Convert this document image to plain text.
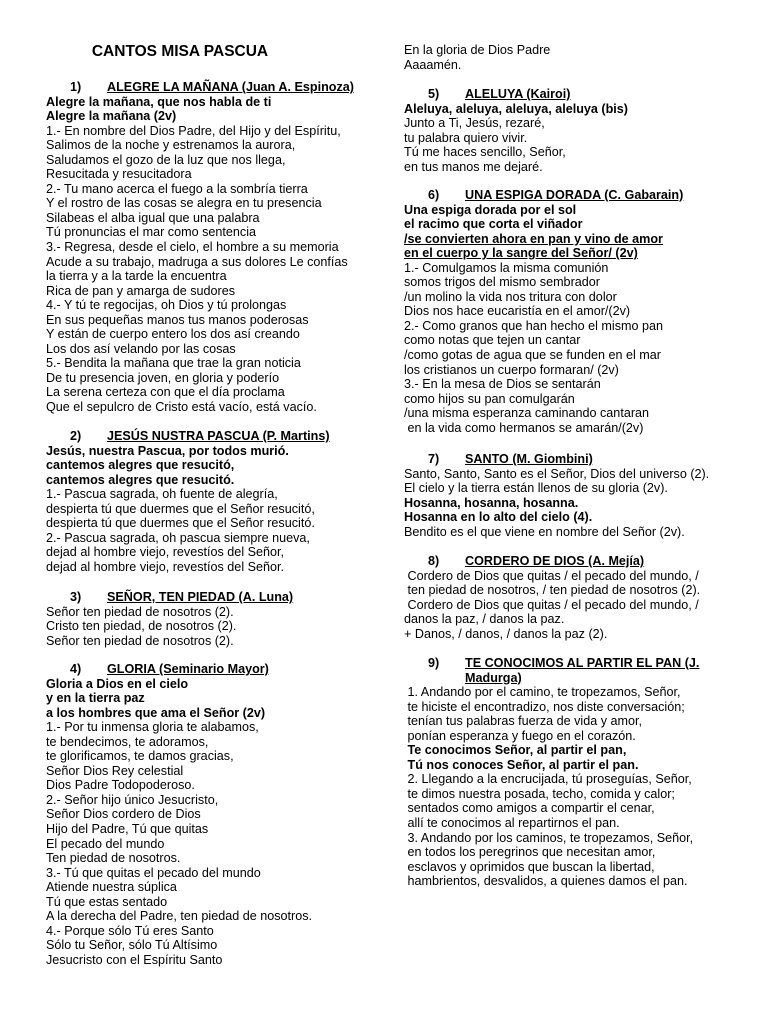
CANTOS MISA PASCUA
1) ALEGRE LA MAÑANA (Juan A. Espinoza)
Alegre la mañana, que nos habla de ti
Alegre la mañana (2v)
1.- En nombre del Dios Padre, del Hijo y del Espíritu,
Salimos de la noche y estrenamos la aurora,
Saludamos el gozo de la luz que nos llega,
Resucitada y resucitadora
2.- Tu mano acerca el fuego a la sombría tierra
Y el rostro de las cosas se alegra en tu presencia
Silabeas el alba igual que una palabra
Tú pronuncias el mar como sentencia
3.- Regresa, desde el cielo, el hombre a su memoria
Acude a su trabajo, madruga a sus dolores Le confías
la tierra y a la tarde la encuentra
Rica de pan y amarga de sudores
4.- Y tú te regocijas, oh Dios y tú prolongas
En sus pequeñas manos tus manos poderosas
Y están de cuerpo entero los dos así creando
Los dos así velando por las cosas
5.- Bendita la mañana que trae la gran noticia
De tu presencia joven, en gloria y poderío
La serena certeza con que el día proclama
Que el sepulcro de Cristo está vacío, está vacío.
2) JESÚS NUSTRA PASCUA (P. Martins)
Jesús, nuestra Pascua, por todos murió.
cantemos alegres que resucitó,
cantemos alegres que resucitó.
1.- Pascua sagrada, oh fuente de alegría,
despierta tú que duermes que el Señor resucitó,
despierta tú que duermes que el Señor resucitó.
2.- Pascua sagrada, oh pascua siempre nueva,
dejad al hombre viejo, revestíos del Señor,
dejad al hombre viejo, revestíos del Señor.
3) SEÑOR, TEN PIEDAD (A. Luna)
Señor ten piedad de nosotros (2).
Cristo ten piedad, de nosotros (2).
Señor ten piedad de nosotros (2).
4) GLORIA (Seminario Mayor)
Gloria a Dios en el cielo
y en la tierra paz
a los hombres que ama el Señor (2v)
1.- Por tu inmensa gloria te alabamos,
te bendecimos, te adoramos,
te glorificamos, te damos gracias,
Señor Dios Rey celestial
Dios Padre Todopoderoso.
2.- Señor hijo único Jesucristo,
Señor Dios cordero de Dios
Hijo del Padre, Tú que quitas
El pecado del mundo
Ten piedad de nosotros.
3.- Tú que quitas el pecado del mundo
Atiende nuestra súplica
Tú que estas sentado
A la derecha del Padre, ten piedad de nosotros.
4.- Porque sólo Tú eres Santo
Sólo tu Señor, sólo Tú Altísimo
Jesucristo con el Espíritu Santo
En la gloria de Dios Padre
Aaaamén.
5) ALELUYA (Kairoi)
Aleluya, aleluya, aleluya, aleluya (bis)
Junto a Ti, Jesús, rezaré,
tu palabra quiero vivir.
Tú me haces sencillo, Señor,
en tus manos me dejaré.
6) UNA ESPIGA DORADA (C. Gabarain)
Una espiga dorada por el sol
el racimo que corta el viñador
/se convierten ahora en pan y vino de amor
en el cuerpo y la sangre del Señor/ (2v)
1.- Comulgamos la misma comunión
somos trigos del mismo sembrador
/un molino la vida nos tritura con dolor
Dios nos hace eucaristía en el amor/(2v)
2.- Como granos que han hecho el mismo pan
como notas que tejen un cantar
/como gotas de agua que se funden en el mar
los cristianos un cuerpo formaran/ (2v)
3.- En la mesa de Dios se sentarán
como hijos su pan comulgarán
/una misma esperanza caminando cantaran
en la vida como hermanos se amarán/(2v)
7) SANTO (M. Giombini)
Santo, Santo, Santo es el Señor, Dios del universo (2).
El cielo y la tierra están llenos de su gloria (2v).
Hosanna, hosanna, hosanna.
Hosanna en lo alto del cielo (4).
Bendito es el que viene en nombre del Señor (2v).
8) CORDERO DE DIOS (A. Mejía)
Cordero de Dios que quitas / el pecado del mundo, /
ten piedad de nosotros, / ten piedad de nosotros (2).
Cordero de Dios que quitas / el pecado del mundo, /
danos la paz, / danos la paz.
+ Danos, / danos, / danos la paz (2).
9) TE CONOCIMOS AL PARTIR EL PAN (J. Madurga)
1. Andando por el camino, te tropezamos, Señor,
te hiciste el encontradizo, nos diste conversación;
tenían tus palabras fuerza de vida y amor,
ponían esperanza y fuego en el corazón.
Te conocimos Señor, al partir el pan,
Tú nos conoces Señor, al partir el pan.
2. Llegando a la encrucijada, tú proseguías, Señor,
te dimos nuestra posada, techo, comida y calor;
sentados como amigos a compartir el cenar,
allí te conocimos al repartirnos el pan.
3. Andando por los caminos, te tropezamos, Señor,
en todos los peregrinos que necesitan amor,
esclavos y oprimidos que buscan la libertad,
hambrientos, desvalidos, a quienes damos el pan.
